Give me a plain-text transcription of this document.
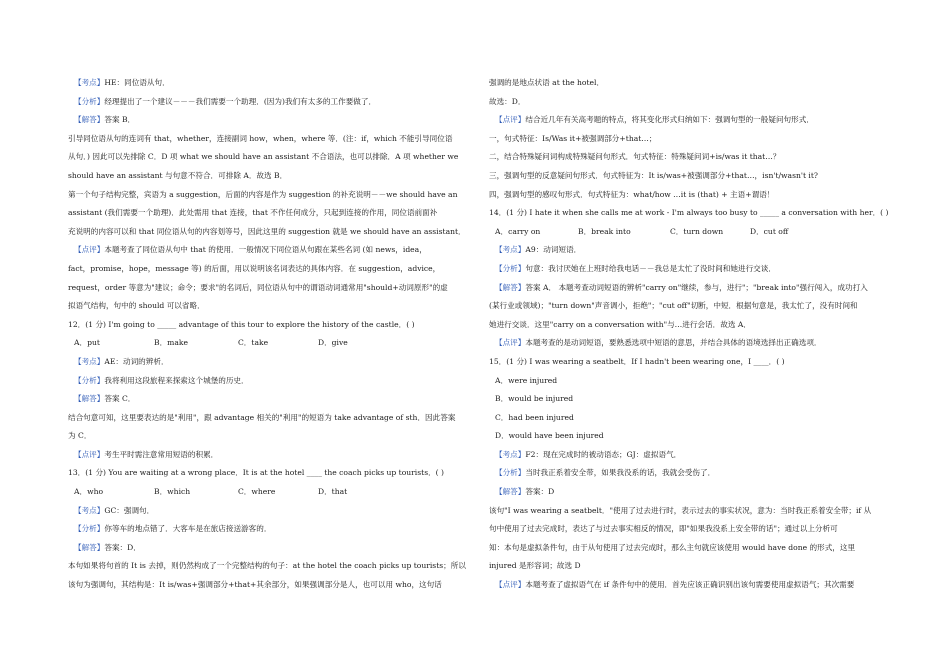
【考点】HE：同位语从句．
【分析】经理提出了一个建议－－－我们需要一个助理．(因为)我们有太多的工作要做了．
【解答】答案 B．
引导同位语从句的连词有 that，whether，连接副词 how，when，where 等．(注：if，which 不能引导同位语
从句．) 因此可以先排除 C．D 项 what we should have an assistant 不合语法，也可以排除．A 项 whether we
should have an assistant 与句意不符合．可排除 A．故选 B．
第一个句子结构完整，宾语为 a suggestion，后面的内容是作为 suggestion 的补充说明－－we should have an
assistant (我们需要一个助理)．此处需用 that 连接，that 不作任何成分，只起到连接的作用，同位语前面补
充说明的内容可以和 that 同位语从句的内容划等号，因此这里的 suggestion 就是 we should have an assistant．
【点评】本题考查了同位语从句中 that 的使用．一般情况下同位语从句跟在某些名词 (如 news，idea，
fact，promise，hope，message 等) 的后面，用以说明该名词表达的具体内容．在 suggestion，advice，
request，order 等意为"建议；命令；要求"的名词后，同位语从句中的谓语动词通常用"should+动词原形"的虚
拟语气结构，句中的 should 可以省略．
12．(1 分) I'm going to _____ advantage of this tour to explore the history of the castle．( )
A．put	B．make	C．take	D．give
【考点】AE：动词的辨析．
【分析】我将利用这段旅程来探索这个城堡的历史．
【解答】答案 C．
结合句意可知，这里要表达的是"利用"，跟 advantage 相关的"利用"的短语为 take advantage of sth．因此答案
为 C．
【点评】考生平时需注意常用短语的积累．
13．(1 分) You are waiting at a wrong place．It is at the hotel ____ the coach picks up tourists．( )
A．who	B．which	C．where	D．that
【考点】GC：强调句．
【分析】你等车的地点错了．大客车是在旅店接送游客的．
【解答】答案：D．
本句如果将句首的 It is 去掉，则仍然构成了一个完整结构的句子：at the hotel the coach picks up tourists；所以
该句为强调句，其结构是：It is/was+强调部分+that+其余部分，如果强调部分是人，也可以用 who，这句话
强调的是地点状语 at the hotel．
故选：D．
【点评】结合近几年有关高考题的特点，将其变化形式归纳如下：强调句型的一般疑问句形式．
一，句式特征：Is/Was it+被强调部分+that…；
二，结合特殊疑问词构成特殊疑问句形式．句式特征：特殊疑问词+is/was it that…？
三，强调句型的反意疑问句形式．句式特征为：It is/was+被强调部分+that…，isn't/wasn't it?
四，强调句型的感叹句形式．句式特征为：what/how …it is (that) + 主语+谓语！
14．(1 分) I hate it when she calls me at work - I'm always too busy to _____ a conversation with her．( )
A．carry on	B．break into	C．turn down	D．cut off
【考点】A9：动词短语．
【分析】句意：我讨厌她在上班时给我电话－－我总是太忙了没时间和她进行交谈．
【解答】答案 A． 本题考查动词短语的辨析"carry on"继续，参与，进行"；"break into"强行闯入，成功打入
(某行业或领域)；"turn down"声音调小，拒绝"；"cut off"切断，中短．根据句意是，我太忙了，没有时间和
她进行交谈．这里"carry on a conversation with"与…进行会话．故选 A．
【点评】本题考查的是动词短语，要熟悉选项中短语的意思，并结合具体的语境选择出正确选项．
15．(1 分) I was wearing a seatbelt．If I hadn't been wearing one，I ____．( )
A．were injured
B．would be injured
C．had been injured
D．would have been injured
【考点】F2：现在完成时的被动语态；GJ：虚拟语气．
【分析】当时我正系着安全带，如果我没系的话，我就会受伤了．
【解答】答案：D
该句"I was wearing a seatbelt．"使用了过去进行时，表示过去的事实状况，意为：当时我正系着安全带；if 从
句中使用了过去完成时，表达了与过去事实相反的情况，即"如果我没系上安全带的话"；通过以上分析可
知：本句是虚拟条件句，由于从句使用了过去完成时，那么主句就应该使用 would have done 的形式，这里
injured 是形容词；故选 D
【点评】本题考查了虚拟语气在 if 条件句中的使用．首先应该正确识别出该句需要使用虚拟语气；其次需要
